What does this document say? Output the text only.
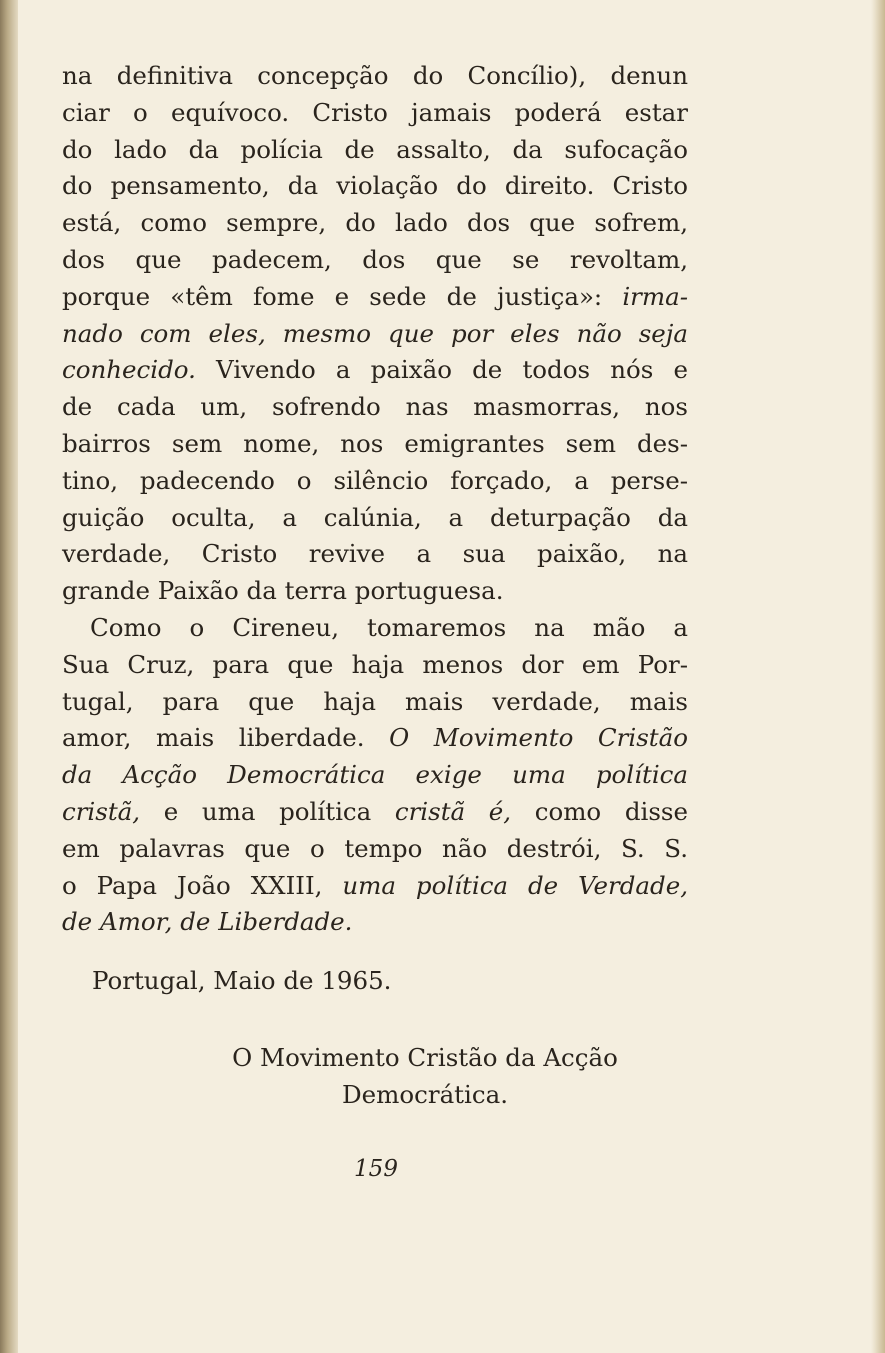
na definitiva concepção do Concílio), denun
ciar o equívoco. Cristo jamais poderá estar
do lado da polícia de assalto, da sufocação
do pensamento, da violação do direito. Cristo
está, como sempre, do lado dos que sofrem,
dos que padecem, dos que se revoltam,
porque «têm fome e sede de justiça»: irma-
nado com eles, mesmo que por eles não seja
conhecido. Vivendo a paixão de todos nós e
de cada um, sofrendo nas masmorras, nos
bairros sem nome, nos emigrantes sem des-
tino, padecendo o silêncio forçado, a perse-
guição oculta, a calúnia, a deturpação da
verdade, Cristo revive a sua paixão, na
grande Paixão da terra portuguesa.
Como o Cireneu, tomaremos na mão a
Sua Cruz, para que haja menos dor em Por-
tugal, para que haja mais verdade, mais
amor, mais liberdade. O Movimento Cristão
da Acção Democrática exige uma política
cristã, e uma política cristã é, como disse
em palavras que o tempo não destrói, S. S.
o Papa João XXIII, uma política de Verdade,
de Amor, de Liberdade.
Portugal, Maio de 1965.
O Movimento Cristão da Acção
Democrática.
159
